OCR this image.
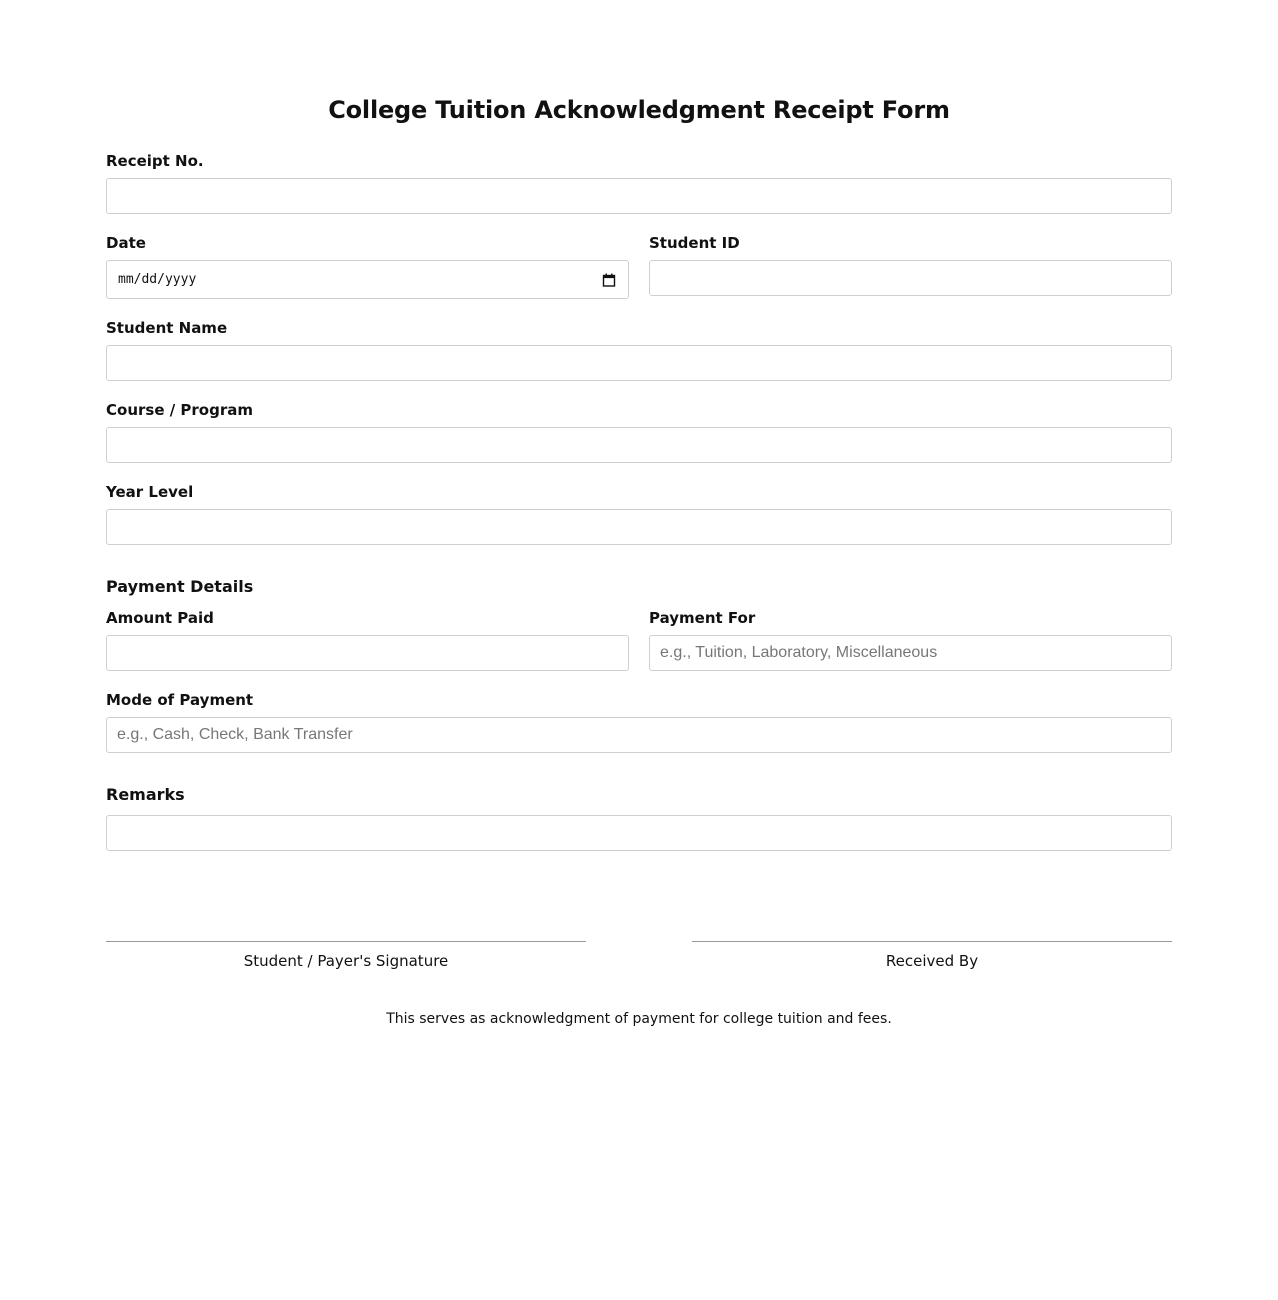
College Tuition Acknowledgment Receipt Form
Receipt No.
Date
mm/dd/yyyy
Student ID
Student Name
Course / Program
Year Level
Payment Details
Amount Paid	Payment For
e.g., Tuition, Laboratory, Miscellaneous
Mode of Payment
e.g., Cash, Check, Bank Transfer
Remarks
Student / Payer's Signature	Received By
This serves as acknowledgment of payment for college tuition and fees.
